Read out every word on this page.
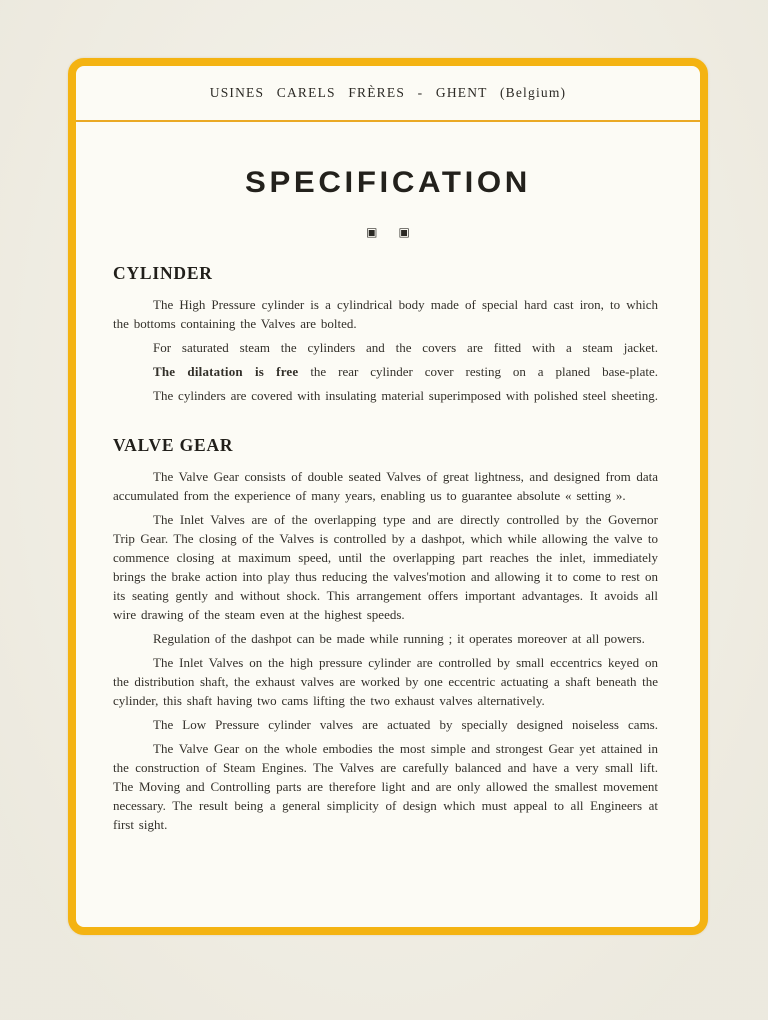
USINES CARELS FRÈRES - GHENT (Belgium)
SPECIFICATION
▣ ▣
CYLINDER

The High Pressure cylinder is a cylindrical body made of special hard cast iron, to which the bottoms containing the Valves are bolted.

For saturated steam the cylinders and the covers are fitted with a steam jacket.

The dilatation is free the rear cylinder cover resting on a planed base-plate.

The cylinders are covered with insulating material superimposed with polished steel sheeting.

VALVE GEAR

The Valve Gear consists of double seated Valves of great lightness, and designed from data accumulated from the experience of many years, enabling us to guarantee absolute « setting ».

The Inlet Valves are of the overlapping type and are directly controlled by the Governor Trip Gear. The closing of the Valves is controlled by a dashpot, which while allowing the valve to commence closing at maximum speed, until the overlapping part reaches the inlet, immediately brings the brake action into play thus reducing the valves'motion and allowing it to come to rest on its seating gently and without shock. This arrangement offers important advantages. It avoids all wire drawing of the steam even at the highest speeds.

Regulation of the dashpot can be made while running ; it operates moreover at all powers.

The Inlet Valves on the high pressure cylinder are controlled by small eccentrics keyed on the distribution shaft, the exhaust valves are worked by one eccentric actuating a shaft beneath the cylinder, this shaft having two cams lifting the two exhaust valves alternatively.

The Low Pressure cylinder valves are actuated by specially designed noiseless cams.

The Valve Gear on the whole embodies the most simple and strongest Gear yet attained in the construction of Steam Engines. The Valves are carefully balanced and have a very small lift. The Moving and Controlling parts are therefore light and are only allowed the smallest movement necessary. The result being a general simplicity of design which must appeal to all Engineers at first sight.
